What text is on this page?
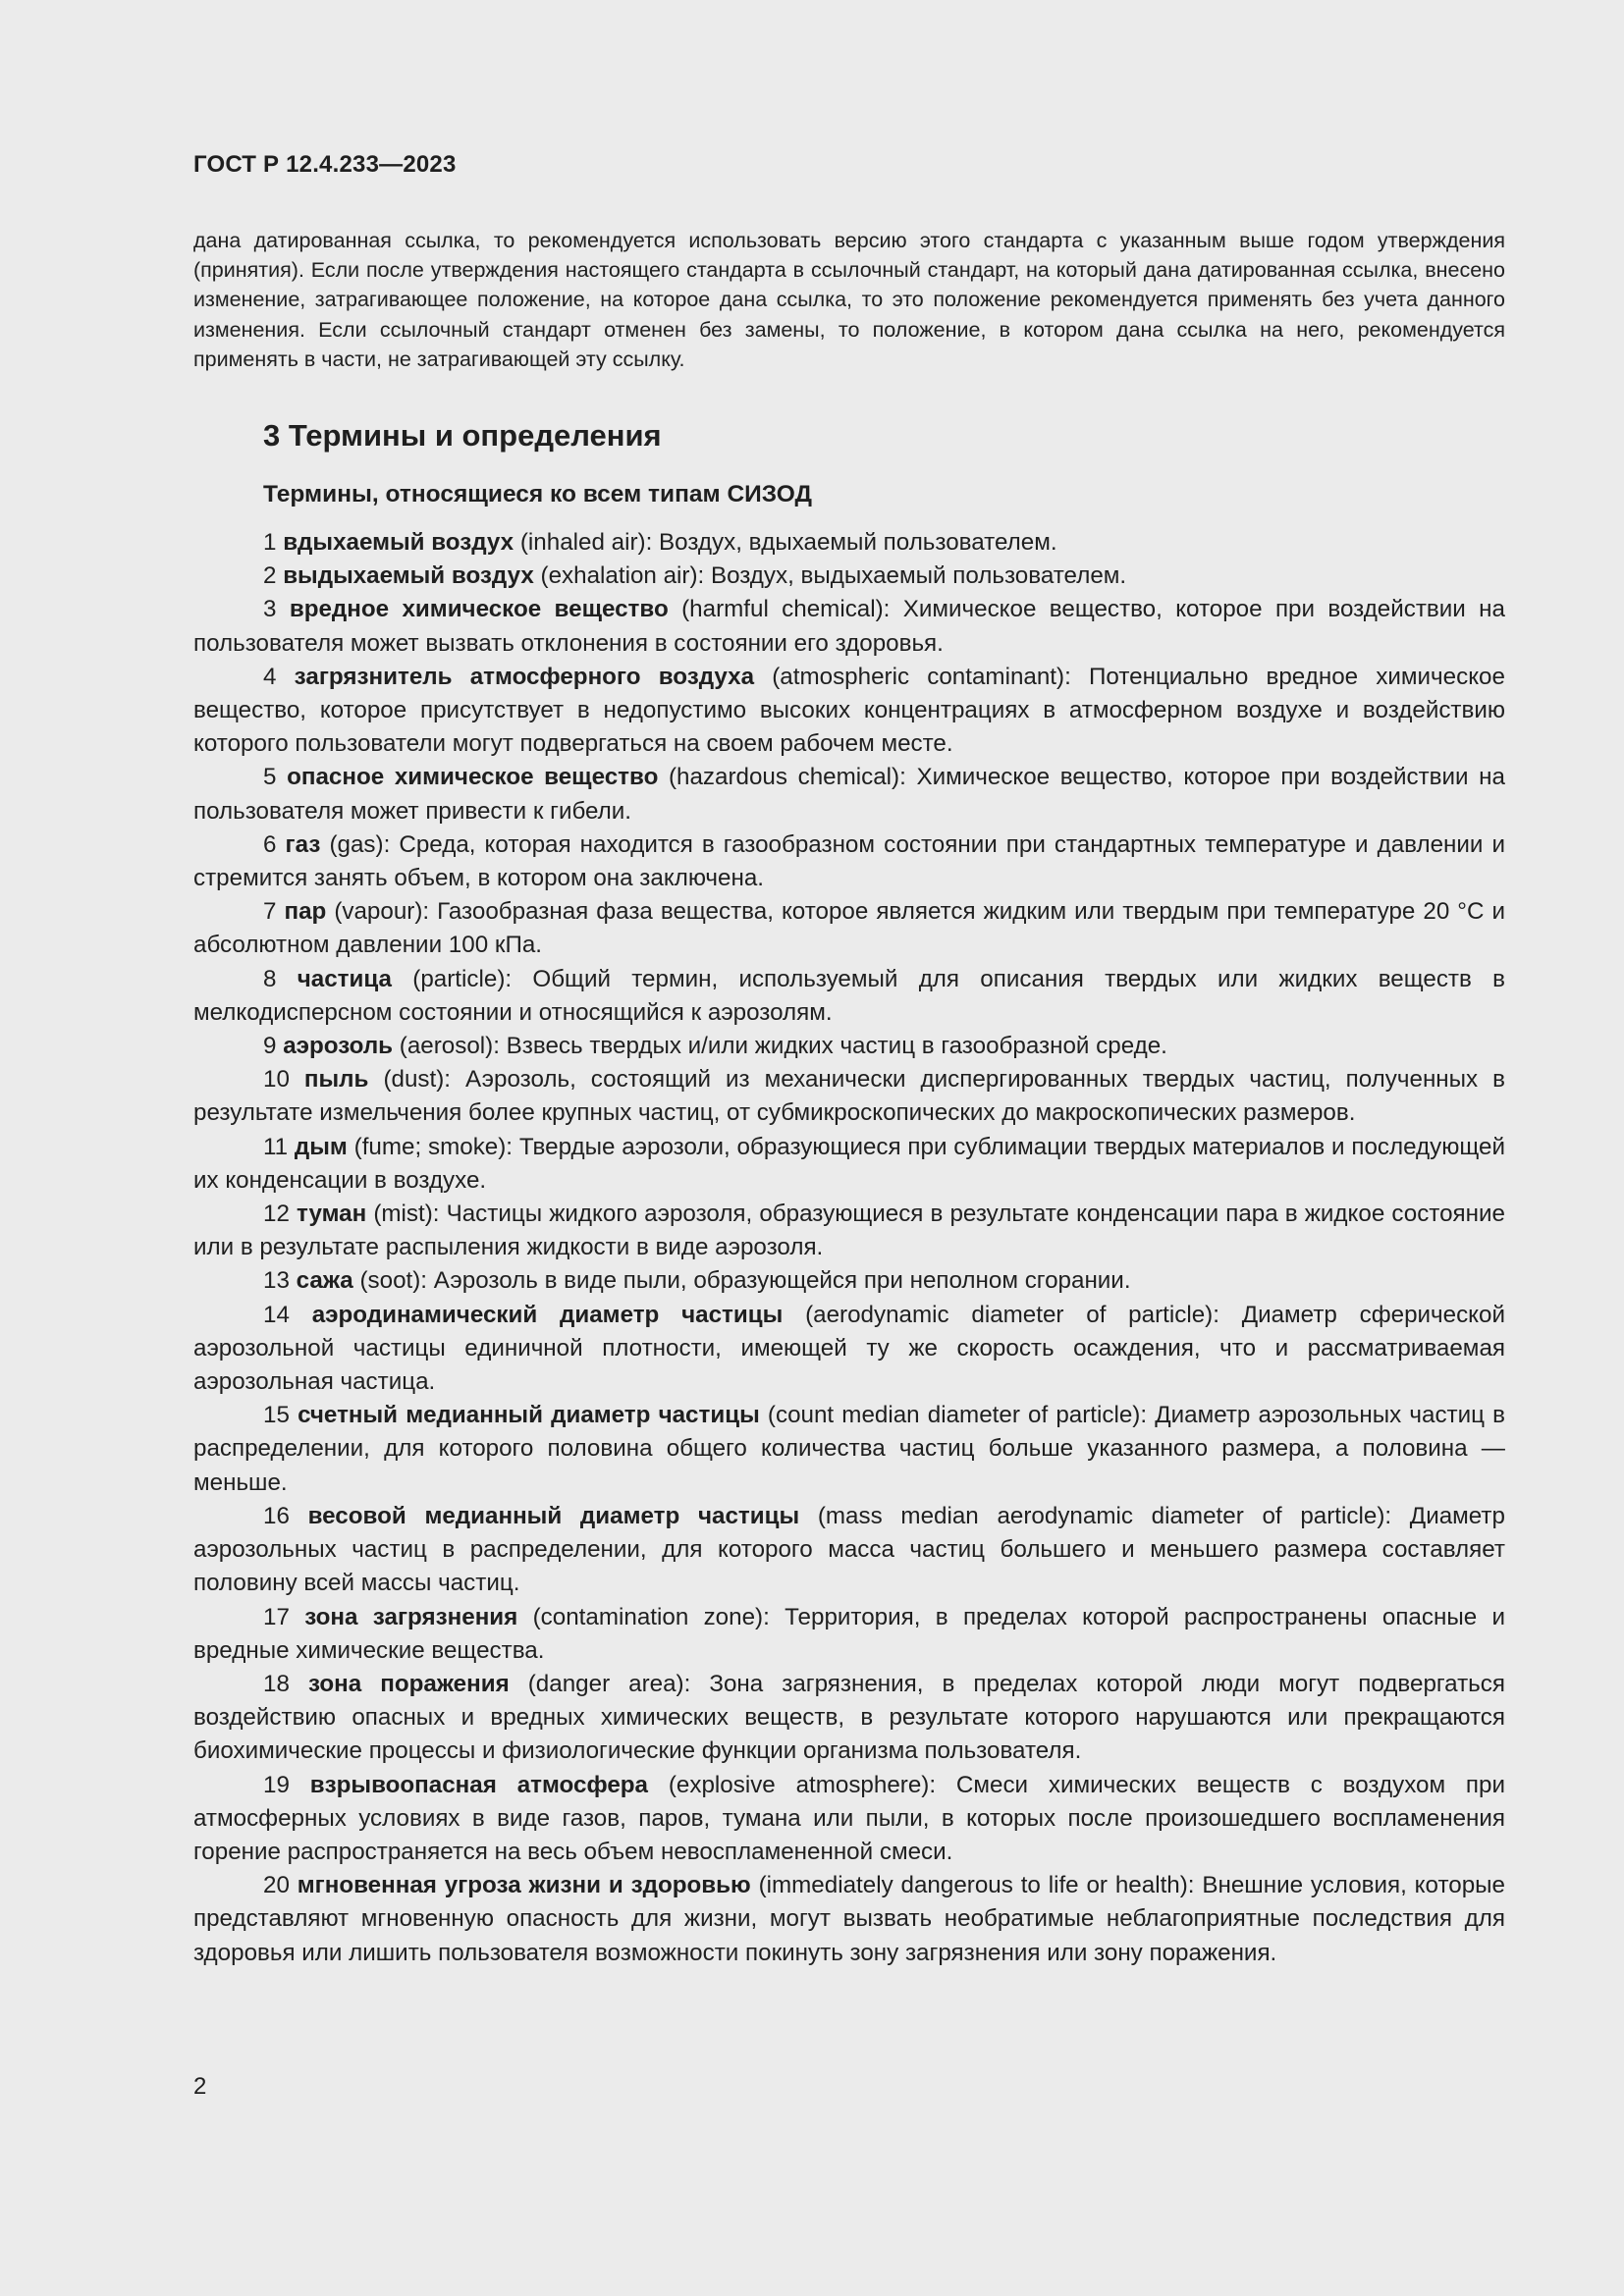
ГОСТ Р 12.4.233—2023

дана датированная ссылка, то рекомендуется использовать версию этого стандарта с указанным выше годом утверждения (принятия). Если после утверждения настоящего стандарта в ссылочный стандарт, на который дана датированная ссылка, внесено изменение, затрагивающее положение, на которое дана ссылка, то это положение рекомендуется применять без учета данного изменения. Если ссылочный стандарт отменен без замены, то положение, в котором дана ссылка на него, рекомендуется применять в части, не затрагивающей эту ссылку.

3 Термины и определения
Термины, относящиеся ко всем типам СИЗОД

1 вдыхаемый воздух (inhaled air): Воздух, вдыхаемый пользователем.

2 выдыхаемый воздух (exhalation air): Воздух, выдыхаемый пользователем.

3 вредное химическое вещество (harmful chemical): Химическое вещество, которое при воздействии на пользователя может вызвать отклонения в состоянии его здоровья.

4 загрязнитель атмосферного воздуха (atmospheric contaminant): Потенциально вредное химическое вещество, которое присутствует в недопустимо высоких концентрациях в атмосферном воздухе и воздействию которого пользователи могут подвергаться на своем рабочем месте.

5 опасное химическое вещество (hazardous chemical): Химическое вещество, которое при воздействии на пользователя может привести к гибели.

6 газ (gas): Среда, которая находится в газообразном состоянии при стандартных температуре и давлении и стремится занять объем, в котором она заключена.

7 пар (vapour): Газообразная фаза вещества, которое является жидким или твердым при температуре 20 °С и абсолютном давлении 100 кПа.

8 частица (particle): Общий термин, используемый для описания твердых или жидких веществ в мелкодисперсном состоянии и относящийся к аэрозолям.

9 аэрозоль (aerosol): Взвесь твердых и/или жидких частиц в газообразной среде.

10 пыль (dust): Аэрозоль, состоящий из механически диспергированных твердых частиц, полученных в результате измельчения более крупных частиц, от субмикроскопических до макроскопических размеров.

11 дым (fume; smoke): Твердые аэрозоли, образующиеся при сублимации твердых материалов и последующей их конденсации в воздухе.

12 туман (mist): Частицы жидкого аэрозоля, образующиеся в результате конденсации пара в жидкое состояние или в результате распыления жидкости в виде аэрозоля.

13 сажа (soot): Аэрозоль в виде пыли, образующейся при неполном сгорании.

14 аэродинамический диаметр частицы (aerodynamic diameter of particle): Диаметр сферической аэрозольной частицы единичной плотности, имеющей ту же скорость осаждения, что и рассматриваемая аэрозольная частица.

15 счетный медианный диаметр частицы (count median diameter of particle): Диаметр аэрозольных частиц в распределении, для которого половина общего количества частиц больше указанного размера, а половина — меньше.

16 весовой медианный диаметр частицы (mass median aerodynamic diameter of particle): Диаметр аэрозольных частиц в распределении, для которого масса частиц большего и меньшего размера составляет половину всей массы частиц.

17 зона загрязнения (contamination zone): Территория, в пределах которой распространены опасные и вредные химические вещества.

18 зона поражения (danger area): Зона загрязнения, в пределах которой люди могут подвергаться воздействию опасных и вредных химических веществ, в результате которого нарушаются или прекращаются биохимические процессы и физиологические функции организма пользователя.

19 взрывоопасная атмосфера (explosive atmosphere): Смеси химических веществ с воздухом при атмосферных условиях в виде газов, паров, тумана или пыли, в которых после произошедшего воспламенения горение распространяется на весь объем невоспламененной смеси.

20 мгновенная угроза жизни и здоровью (immediately dangerous to life or health): Внешние условия, которые представляют мгновенную опасность для жизни, могут вызвать необратимые неблагоприятные последствия для здоровья или лишить пользователя возможности покинуть зону загрязнения или зону поражения.

2
